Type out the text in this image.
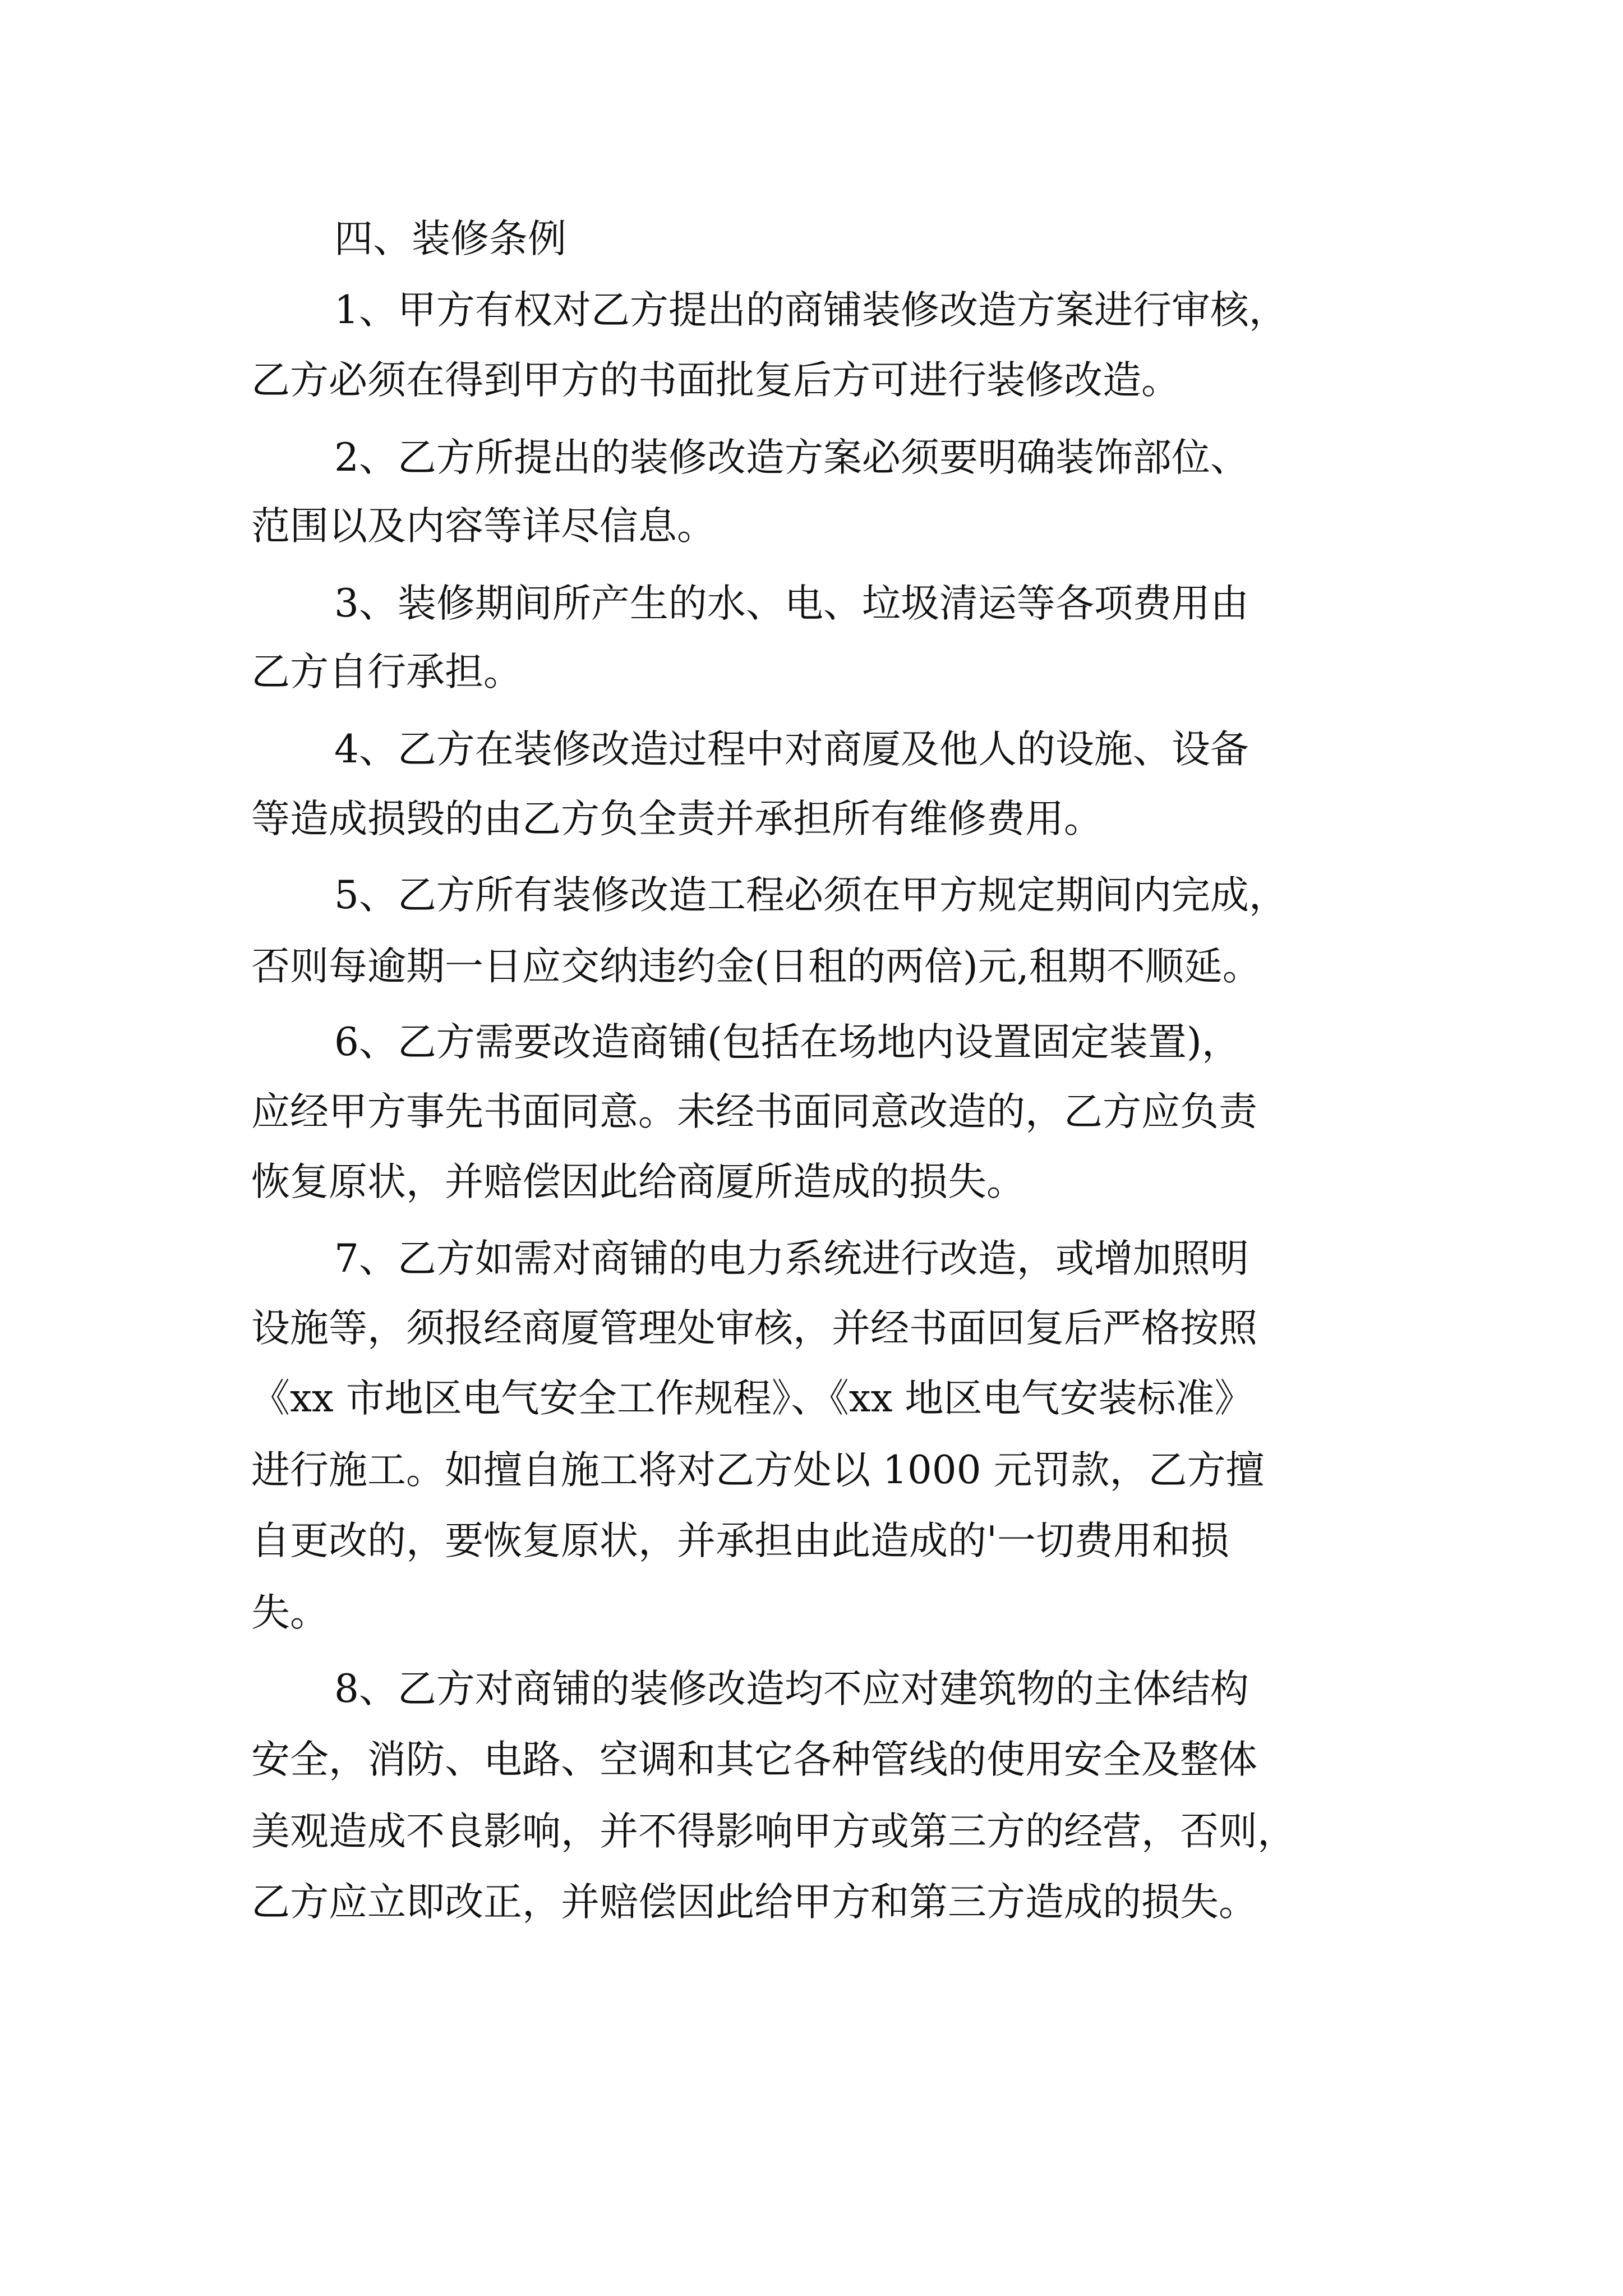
四、装修条例
1、甲方有权对乙方提出的商铺装修改造方案进行审核，
乙方必须在得到甲方的书面批复后方可进行装修改造。
2、乙方所提出的装修改造方案必须要明确装饰部位、
范围以及内容等详尽信息。
3、装修期间所产生的水、电、垃圾清运等各项费用由
乙方自行承担。
4、乙方在装修改造过程中对商厦及他人的设施、设备
等造成损毁的由乙方负全责并承担所有维修费用。
5、乙方所有装修改造工程必须在甲方规定期间内完成，
否则每逾期一日应交纳违约金(日租的两倍)元,租期不顺延。
6、乙方需要改造商铺(包括在场地内设置固定装置)，
应经甲方事先书面同意。未经书面同意改造的，乙方应负责
恢复原状，并赔偿因此给商厦所造成的损失。
7、乙方如需对商铺的电力系统进行改造，或增加照明
设施等，须报经商厦管理处审核，并经书面回复后严格按照
《xx 市地区电气安全工作规程》、《xx 地区电气安装标准》
进行施工。如擅自施工将对乙方处以 1000 元罚款，乙方擅
自更改的，要恢复原状，并承担由此造成的'一切费用和损
失。
8、乙方对商铺的装修改造均不应对建筑物的主体结构
安全，消防、电路、空调和其它各种管线的使用安全及整体
美观造成不良影响，并不得影响甲方或第三方的经营，否则，
乙方应立即改正，并赔偿因此给甲方和第三方造成的损失。
